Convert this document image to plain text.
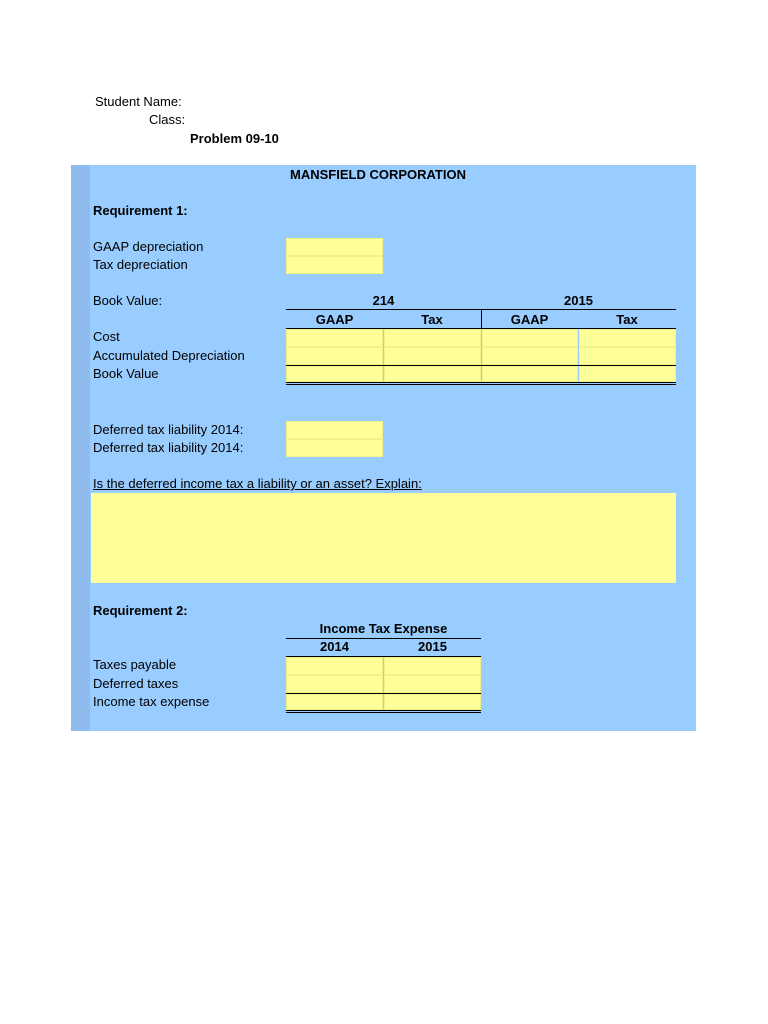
Student Name:
Class:
Problem 09-10
MANSFIELD CORPORATION
Requirement 1:
GAAP depreciation
Tax depreciation
Book Value:	214	2015
GAAP	Tax	GAAP	Tax
Cost
Accumulated Depreciation
Book Value
Deferred tax liability 2014:
Deferred tax liability 2014:
Is the deferred income tax a liability or an asset? Explain:
Requirement 2:
Income Tax Expense
2014	2015
Taxes payable
Deferred taxes
Income tax expense
